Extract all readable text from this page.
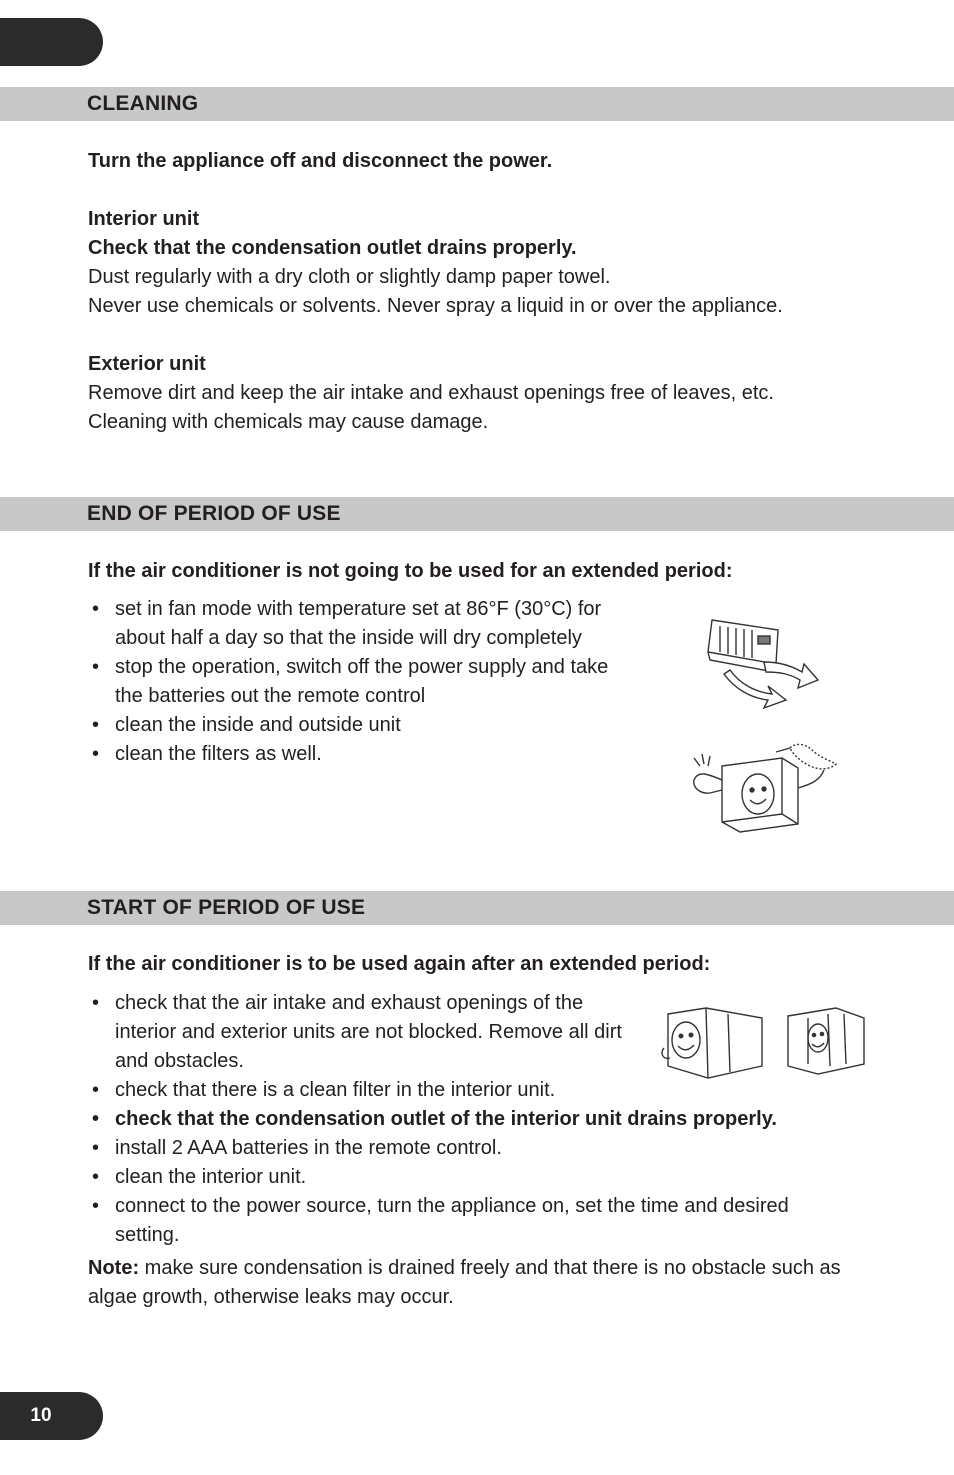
CLEANING

Turn the appliance off and disconnect the power.

Interior unit

Check that the condensation outlet drains properly.

Dust regularly with a dry cloth or slightly damp paper towel.

Never use chemicals or solvents. Never spray a liquid in or over the appliance.

Exterior unit

Remove dirt and keep the air intake and exhaust openings free of leaves, etc.

Cleaning with chemicals may cause damage.

END OF PERIOD OF USE

If the air conditioner is not going to be used for an extended period:

• set in fan mode with temperature set at 86°F (30°C) for about half a day so that the inside will dry completely
• stop the operation, switch off the power supply and take the batteries out the remote control
• clean the inside and outside unit
• clean the filters as well.
START OF PERIOD OF USE

If the air conditioner is to be used again after an extended period:

• check that the air intake and exhaust openings of the interior and exterior units are not blocked. Remove all dirt and obstacles.
• check that there is a clean filter in the interior unit.
• check that the condensation outlet of the interior unit drains properly.
• install 2 AAA batteries in the remote control.
• clean the interior unit.
• connect to the power source, turn the appliance on, set the time and desired setting.

Note: make sure condensation is drained freely and that there is no obstacle such as algae growth, otherwise leaks may occur.

10
